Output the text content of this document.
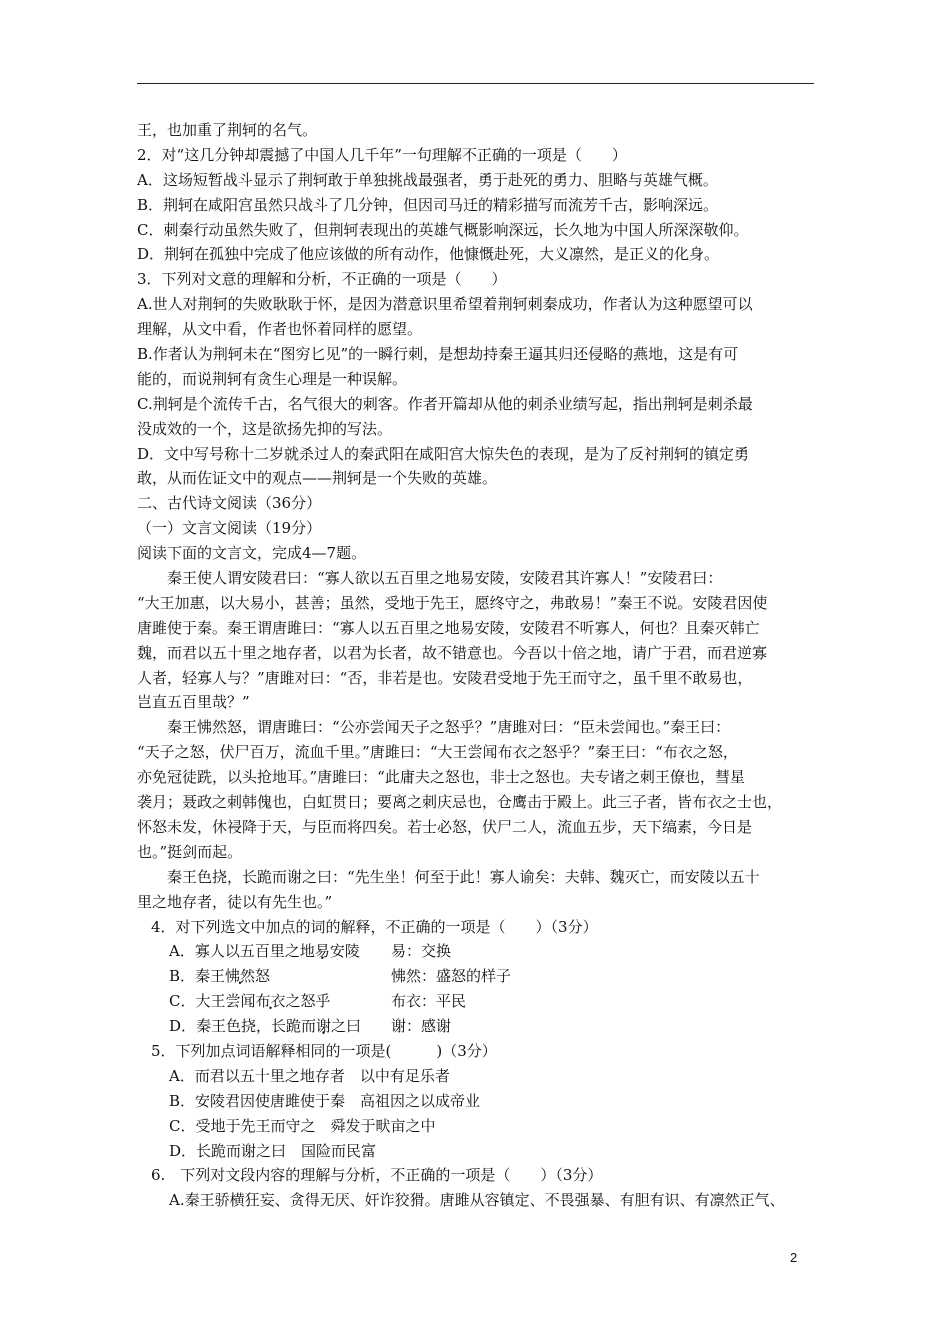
王，也加重了荆轲的名气。
2．对“这几分钟却震撼了中国人几千年”一句理解不正确的一项是（　　）
A．这场短暂战斗显示了荆轲敢于单独挑战最强者，勇于赴死的勇力、胆略与英雄气概。
B．荆轲在咸阳宫虽然只战斗了几分钟，但因司马迁的精彩描写而流芳千古，影响深远。
C．刺秦行动虽然失败了，但荆轲表现出的英雄气概影响深远，长久地为中国人所深深敬仰。
D．荆轲在孤独中完成了他应该做的所有动作，他慷慨赴死，大义凛然，是正义的化身。
3．下列对文意的理解和分析，不正确的一项是（　　）
A.世人对荆轲的失败耿耿于怀，是因为潜意识里希望着荆轲刺秦成功，作者认为这种愿望可以
理解，从文中看，作者也怀着同样的愿望。
B.作者认为荆轲未在“图穷匕见”的一瞬行刺，是想劫持秦王逼其归还侵略的燕地，这是有可
能的，而说荆轲有贪生心理是一种误解。
C.荆轲是个流传千古，名气很大的刺客。作者开篇却从他的刺杀业绩写起，指出荆轲是刺杀最
没成效的一个，这是欲扬先抑的写法。
D．文中写号称十二岁就杀过人的秦武阳在咸阳宫大惊失色的表现，是为了反衬荆轲的镇定勇
敢，从而佐证文中的观点——荆轲是一个失败的英雄。
二、古代诗文阅读（36分）
（一）文言文阅读（19分）
阅读下面的文言文，完成4—7题。
秦王使人谓安陵君曰：“寡人欲以五百里之地易安陵，安陵君其许寡人！”安陵君曰：
“大王加惠，以大易小，甚善；虽然，受地于先王，愿终守之，弗敢易！”秦王不说。安陵君因使
唐雎使于秦。秦王谓唐雎曰：“寡人以五百里之地易安陵，安陵君不听寡人，何也？且秦灭韩亡
魏，而君以五十里之地存者，以君为长者，故不错意也。今吾以十倍之地，请广于君，而君逆寡
人者，轻寡人与？”唐雎对曰：“否，非若是也。安陵君受地于先王而守之，虽千里不敢易也，
岂直五百里哉？”
秦王怫然怒，谓唐雎曰：“公亦尝闻天子之怒乎？”唐雎对曰：“臣未尝闻也。”秦王曰：
“天子之怒，伏尸百万，流血千里。”唐雎曰：“大王尝闻布衣之怒乎？”秦王曰：“布衣之怒，
亦免冠徒跣，以头抢地耳。”唐雎曰：“此庸夫之怒也，非士之怒也。夫专诸之刺王僚也，彗星
袭月；聂政之刺韩傀也，白虹贯日；要离之刺庆忌也，仓鹰击于殿上。此三子者，皆布衣之士也，
怀怒未发，休祲降于天，与臣而将四矣。若士必怒，伏尸二人，流血五步，天下缟素，今日是
也。”挺剑而起。
秦王色挠，长跪而谢之曰：“先生坐！何至于此！寡人谕矣：夫韩、魏灭亡，而安陵以五十
里之地存者，徒以有先生也。”
4．对下列选文中加点的词的解释，不正确的一项是（　　）（3分）
A．寡人以五百里之地易安陵	易：交换
B．秦王怫然怒	怫然：盛怒的样子
C．大王尝闻布衣之怒乎	布衣：平民
D．秦王色挠，长跪而谢之曰	谢：感谢
5．下列加点词语解释相同的一项是(　　　)（3分）
A．而君以五十里之地存者　以中有足乐者
B．安陵君因使唐雎使于秦　高祖因之以成帝业
C．受地于先王而守之　舜发于畎亩之中
D．长跪而谢之曰　国险而民富
6.　下列对文段内容的理解与分析，不正确的一项是（　　）（3分）
A.秦王骄横狂妄、贪得无厌、奸诈狡猾。唐雎从容镇定、不畏强暴、有胆有识、有凛然正气、
2
